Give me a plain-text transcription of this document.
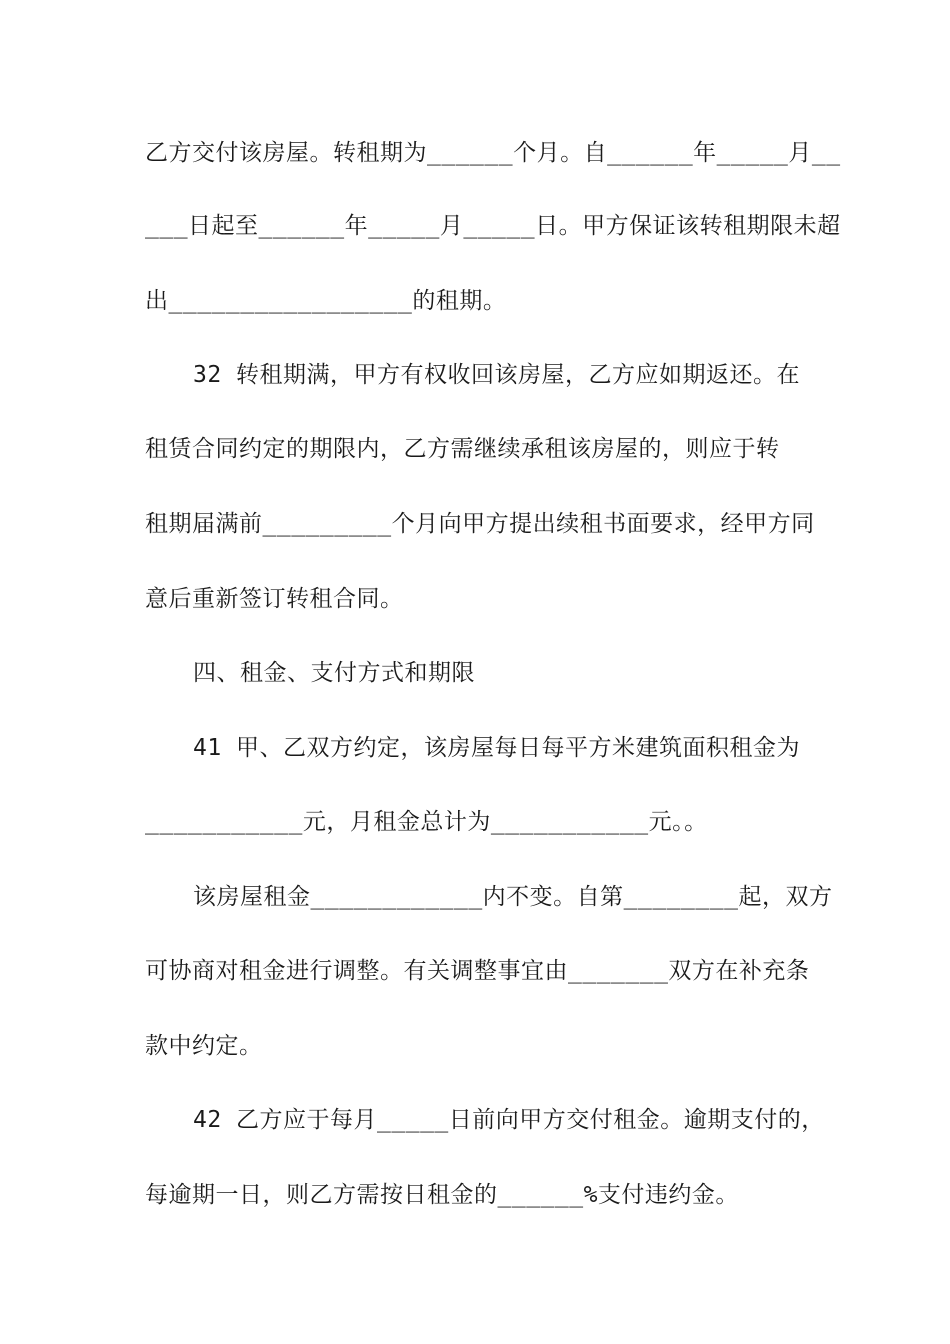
乙方交付该房屋。转租期为______个月。自______年_____月__
___日起至______年_____月_____日。甲方保证该转租期限未超
出_________________的租期。
32 转租期满，甲方有权收回该房屋，乙方应如期返还。在
租赁合同约定的期限内，乙方需继续承租该房屋的，则应于转
租期届满前_________个月向甲方提出续租书面要求，经甲方同
意后重新签订转租合同。
四、租金、支付方式和期限
41 甲、乙双方约定，该房屋每日每平方米建筑面积租金为
___________元，月租金总计为___________元。。
该房屋租金____________内不变。自第________起，双方
可协商对租金进行调整。有关调整事宜由_______双方在补充条
款中约定。
42 乙方应于每月_____日前向甲方交付租金。逾期支付的，
每逾期一日，则乙方需按日租金的______%支付违约金。
